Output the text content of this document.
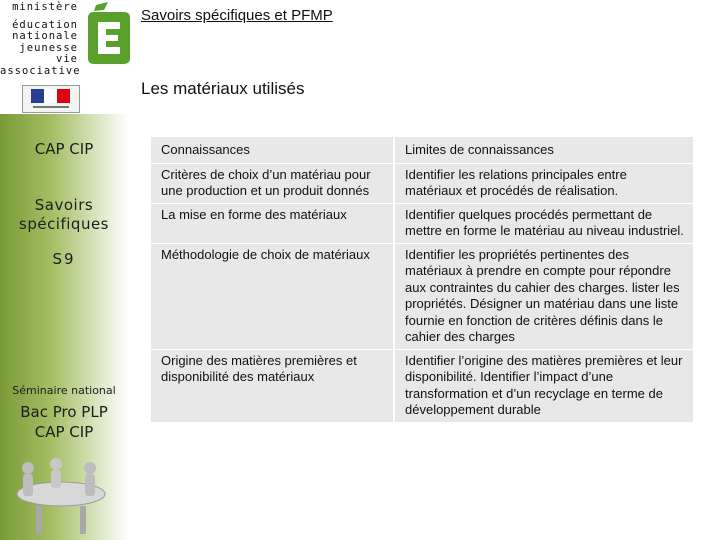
ministère
éducation
nationale
jeunesse
vie associative
CAP CIP
Savoirs spécifiques
S9
Séminaire national
Bac Pro PLP
CAP CIP
Savoirs spécifiques et PFMP
Les matériaux utilisés
Connaissances	Limites de connaissances
Critères de choix d’un matériau pour une production et un produit donnés	Identifier les relations principales entre matériaux et procédés de réalisation.
La mise en forme des matériaux	Identifier quelques procédés permettant de mettre en forme le matériau au niveau industriel.
Méthodologie de choix de matériaux	Identifier les propriétés pertinentes des matériaux à prendre en compte pour répondre aux contraintes du cahier des charges. lister les propriétés. Désigner un matériau dans une liste fournie en fonction de critères définis dans le cahier des charges
Origine des matières premières et disponibilité des matériaux	Identifier l’origine des matières premières et leur disponibilité. Identifier l’impact d’une transformation et d’un recyclage en terme de développement durable
